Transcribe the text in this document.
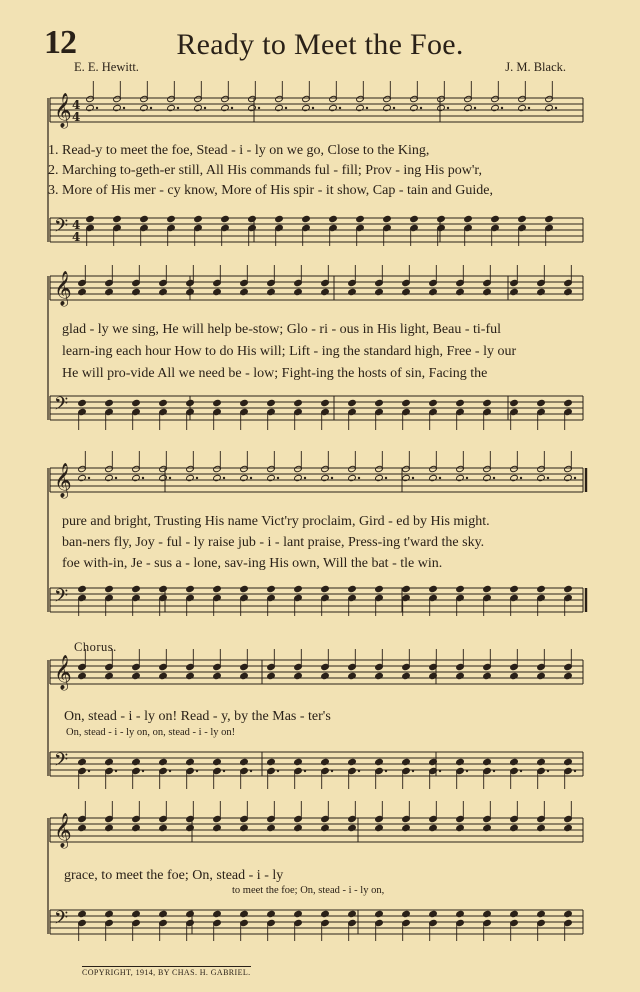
𝄞 4
4
𝄢 4
4
𝄞
𝄢
𝄞
𝄢
𝄞
𝄢
𝄞
𝄢
12	Ready to Meet the Foe.
E. E. Hewitt.	J. M. Black.
1. Read-y to meet the foe, Stead - i - ly on we go, Close to the King,
2. Marching to-geth-er still, All His commands ful - fill; Prov - ing His pow'r,
3. More of His mer - cy know, More of His spir - it show, Cap - tain and Guide,
glad - ly we sing, He will help be-stow; Glo - ri - ous in His light, Beau - ti-ful
learn-ing each hour How to do His will; Lift - ing the standard high, Free - ly our
He will pro-vide All we need be - low; Fight-ing the hosts of sin, Facing the
pure and bright, Trusting His name Vict'ry proclaim, Gird - ed by His might.
ban-ners fly, Joy - ful - ly raise jub - i - lant praise, Press-ing t'ward the sky.
foe with-in, Je - sus a - lone, sav-ing His own, Will the bat - tle win.
Chorus.
On, stead - i - ly on! Read - y, by the Mas - ter's
On, stead - i - ly on, on, stead - i - ly on!
grace, to meet the foe; On, stead - i - ly
to meet the foe; On, stead - i - ly on,
COPYRIGHT, 1914, BY CHAS. H. GABRIEL.
